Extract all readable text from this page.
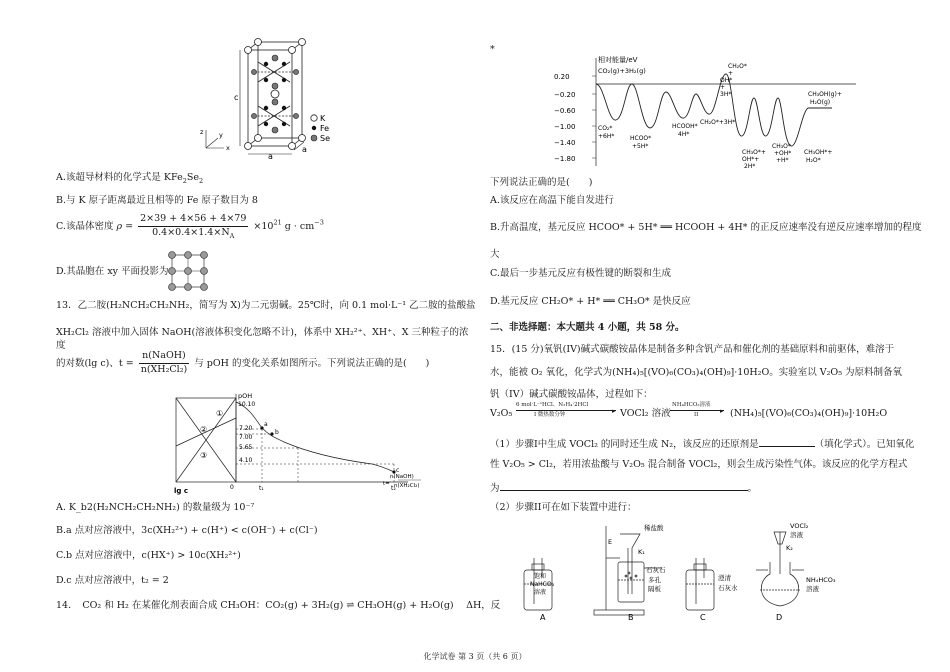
c
a
a
z
x
y
K
Fe
Se
A.该超导材料的化学式是 $KFe_2Se_2$
B.与 K 原子距离最近且相等的 Fe 原子数目为 8
C.该晶体密度 $\rho = \frac{2\times 39 + 4\times 56 + 4\times 79}{0.4\times 0.4\times 1.4\times N_A} \times 10^{21}$ $g \cdot cm^{-3}$
D.其晶胞在 xy 平面投影为
13．乙二胺(H₂NCH₂CH₂NH₂，简写为 X)为二元弱碱。25℃时，向 0.1 mol·L⁻¹ 乙二胺的盐酸盐
XH₂Cl₂ 溶液中加入固体 NaOH(溶液体积变化忽略不计)，体系中 XH₂²⁺、XH⁺、X 三种粒子的浓度
的对数(lg c)、$t = \frac{\text{n(NaOH)}}{\text{n(XH₂Cl₂)}}$ 与 pOH 的变化关系如图所示。下列说法正确的是(　　)
pOH
10.10
7.20
7.00
5.65
4.10
0
①
②
③
a
b
c
lg c	t₁	t₂
n(NaOH)
t= n(XH₂Cl₂)
A. K_b2(H₂NCH₂CH₂NH₂) 的数量级为 10⁻⁷
B.a 点对应溶液中，3c(XH₂²⁺) + c(H⁺) < c(OH⁻) + c(Cl⁻)
C.b 点对应溶液中，c(HX⁺) > 10c(XH₂²⁺)
D.c 点对应溶液中，t₂ = 2
14．　CO₂ 和 H₂ 在某催化剂表面合成 CH₃OH：CO₂(g) + 3H₂(g) ⇌ CH₃OH(g) + H₂O(g)　 ΔH，反
*
0.20
−0.20
−0.60
−1.00
−1.40
−1.80
相对能量/eV
CO₂(g)+3H₂(g)
CO₂*
+6H*	HCOO*
+5H*
HCOOH*
4H*
CH₂O*+3H*
CH₂O*
+
OH*
+
3H*
CH₃O*+
OH*+
2H*
CH₃O*
+OH*
+H*
CH₃OH*+
H₂O*
CH₃OH(g)+
H₂O(g)
下列说法正确的是(　　)
A.该反应在高温下能自发进行
B.升高温度，基元反应 HCOO* + 5H* ══ HCOOH + 4H* 的正反应速率没有逆反应速率增加的程度
大
C.最后一步基元反应有极性键的断裂和生成
D.基元反应 CH₂O* + H* ══ CH₃O* 是快反应
二、非选择题：本大题共 4 小题，共 58 分。
15．(15 分)氧钒(IV)碱式碳酸铵晶体是制备多种含钒产品和催化剂的基础原料和前驱体，难溶于
水，能被 O₂ 氧化，化学式为(NH₄)₅[(VO)₆(CO₃)₄(OH)₉]·10H₂O。实验室以 V₂O₅ 为原料制备氧
钒（IV）碱式碳酸铵晶体，过程如下：
V₂O₅
6 mol·L⁻¹HCl、N₂H₄·2HCl
▸
I 微热数分钟	VOCl₂ 溶液
NH₄HCO₃溶液
▸
II	(NH₄)₅[(VO)₆(CO₃)₄(OH)₉]·10H₂O
（1）步骤I中生成 VOCl₂ 的同时还生成 N₂，该反应的还原剂是	（填化学式）。已知氧化
性 V₂O₅ > Cl₂，若用浓盐酸与 V₂O₅ 混合制备 VOCl₂，则会生成污染性气体。该反应的化学方程式
为	。
（2）步骤II可在如下装置中进行：
A
饱和
NaHCO₃
溶液
B
稀盐酸
E
K₁
石灰石
多孔
隔板
C
澄清
石灰水
D
VOCl₂
溶液
K₂
NH₄HCO₃
溶液
化学试卷 第 3 页（共 6 页）
